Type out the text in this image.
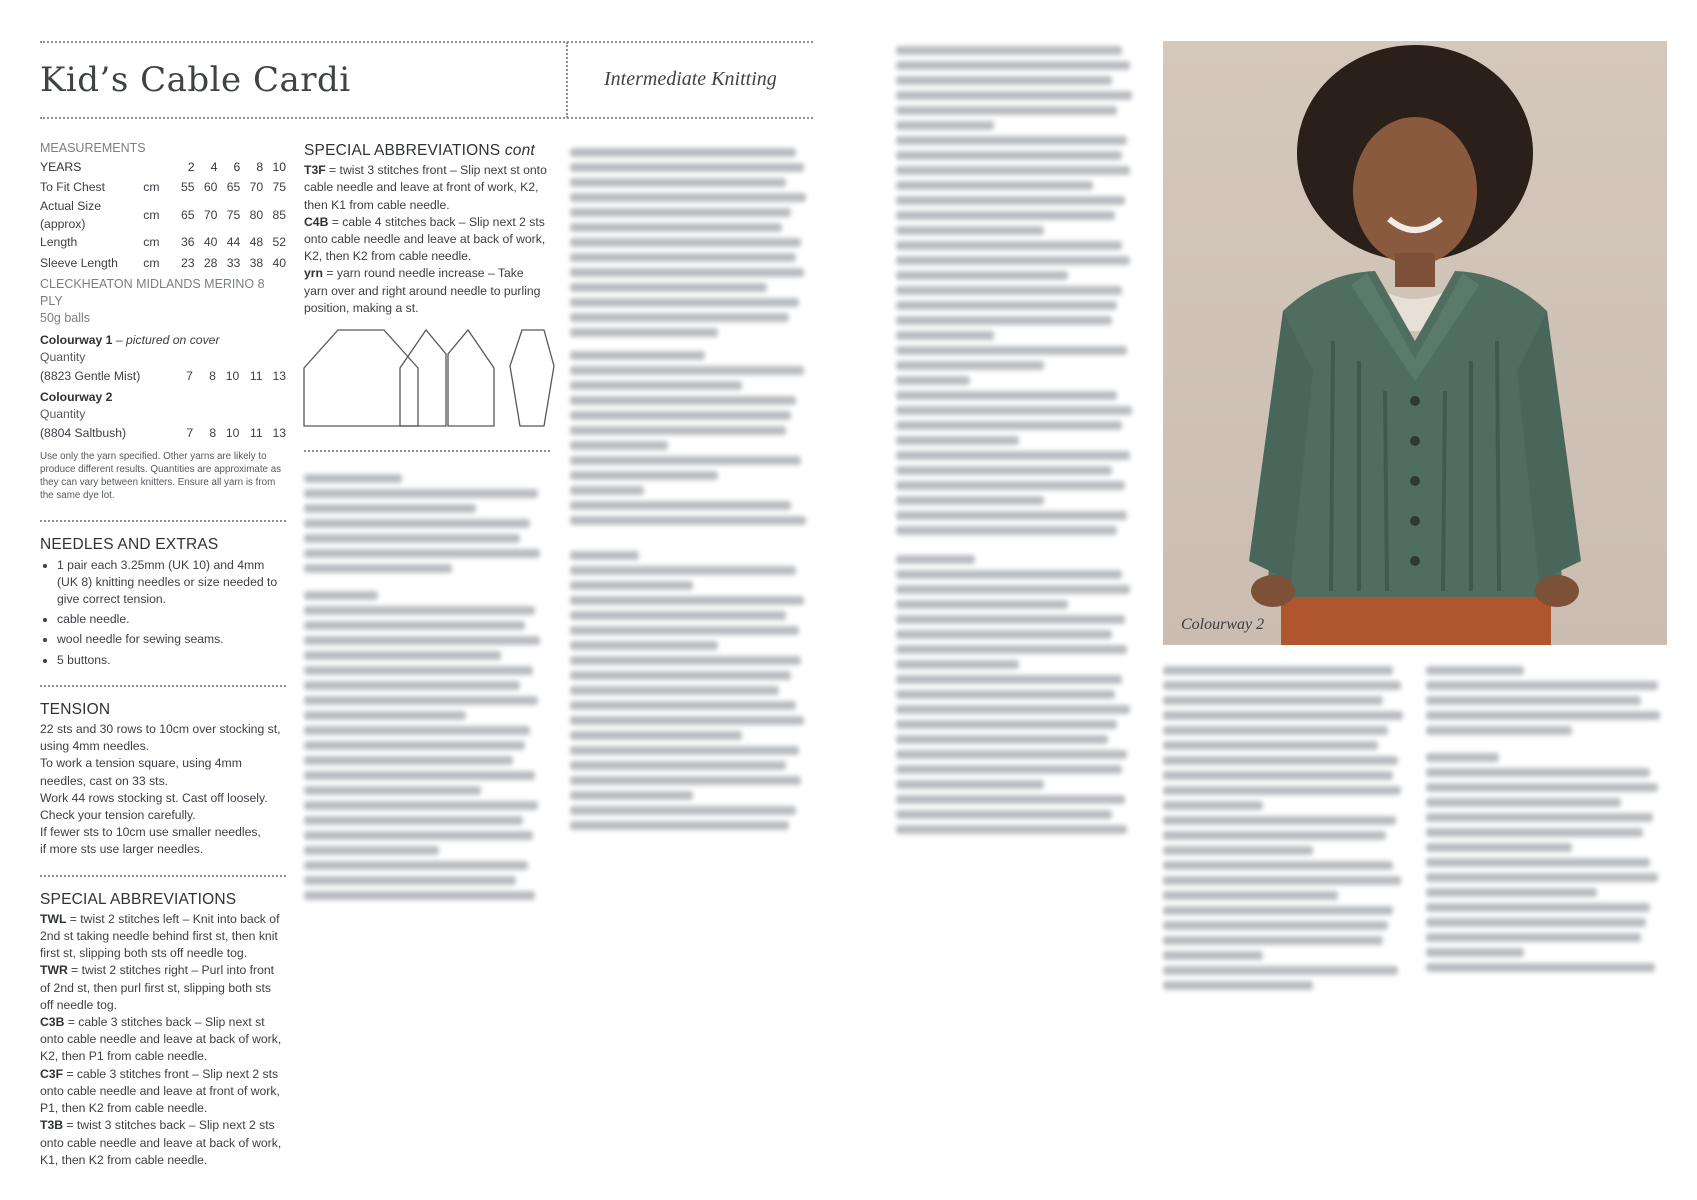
Kid’s Cable Cardi	Intermediate Knitting
MEASUREMENTS
YEARS		2	4	6	8	10
To Fit Chest	cm	55	60	65	70	75
Actual Size (approx)	cm	65	70	75	80	85
Length	cm	36	40	44	48	52
Sleeve Length	cm	23	28	33	38	40
CLECKHEATON MIDLANDS MERINO 8 PLY
50g balls
Colourway 1 – pictured on cover
Quantity
(8823 Gentle Mist)	7	8	10	11	13
Colourway 2
Quantity
(8804 Saltbush)	7	8	10	11	13
Use only the yarn specified. Other yarns are likely to produce different results. Quantities are approximate as they can vary between knitters. Ensure all yarn is from the same dye lot.
NEEDLES AND EXTRAS
• 1 pair each 3.25mm (UK 10) and 4mm (UK 8) knitting needles or size needed to give correct tension.
• cable needle.
• wool needle for sewing seams.
• 5 buttons.
TENSION
22 sts and 30 rows to 10cm over stocking st, using 4mm needles.
To work a tension square, using 4mm needles, cast on 33 sts.
Work 44 rows stocking st. Cast off loosely.
Check your tension carefully.
If fewer sts to 10cm use smaller needles,
if more sts use larger needles.
SPECIAL ABBREVIATIONS
TWL = twist 2 stitches left – Knit into back of 2nd st taking needle behind first st, then knit first st, slipping both sts off needle tog.
TWR = twist 2 stitches right – Purl into front of 2nd st, then purl first st, slipping both sts off needle tog.
C3B = cable 3 stitches back – Slip next st onto cable needle and leave at back of work, K2, then P1 from cable needle.
C3F = cable 3 stitches front – Slip next 2 sts onto cable needle and leave at front of work, P1, then K2 from cable needle.
T3B = twist 3 stitches back – Slip next 2 sts onto cable needle and leave at back of work, K1, then K2 from cable needle.
SPECIAL ABBREVIATIONS cont
T3F = twist 3 stitches front – Slip next st onto cable needle and leave at front of work, K2, then K1 from cable needle.
C4B = cable 4 stitches back – Slip next 2 sts onto cable needle and leave at back of work, K2, then K2 from cable needle.
yrn = yarn round needle increase – Take yarn over and right around needle to purling position, making a st.
Colourway 2
